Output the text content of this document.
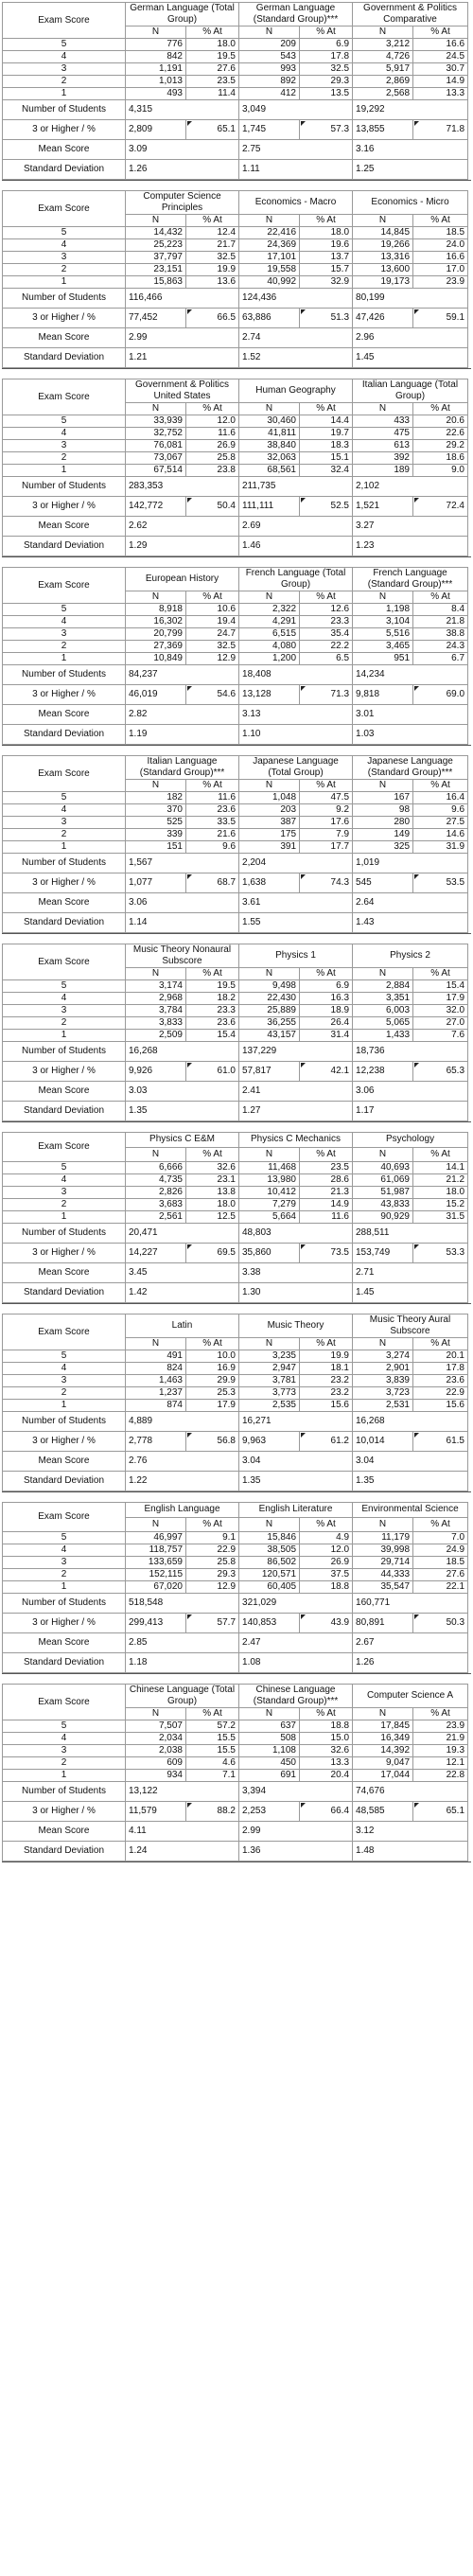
Exam Score	German Language (Total Group)		German Language (Standard Group)***		Government & Politics Comparative	
	N	% At	N	% At	N	% At
5	776	18.0	209	6.9	3,212	16.6
4	842	19.5	543	17.8	4,726	24.5
3	1,191	27.6	993	32.5	5,917	30.7
2	1,013	23.5	892	29.3	2,869	14.9
1	493	11.4	412	13.5	2,568	13.3
Number of Students	4,315		3,049		19,292	
3 or Higher / %	2,809	65.1	1,745	57.3	13,855	71.8
Mean Score	3.09		2.75		3.16	
Standard Deviation	1.26		1.11		1.25	
Exam Score	Computer Science Principles		Economics - Macro		Economics - Micro	
	N	% At	N	% At	N	% At
5	14,432	12.4	22,416	18.0	14,845	18.5
4	25,223	21.7	24,369	19.6	19,266	24.0
3	37,797	32.5	17,101	13.7	13,316	16.6
2	23,151	19.9	19,558	15.7	13,600	17.0
1	15,863	13.6	40,992	32.9	19,173	23.9
Number of Students	116,466		124,436		80,199	
3 or Higher / %	77,452	66.5	63,886	51.3	47,426	59.1
Mean Score	2.99		2.74		2.96	
Standard Deviation	1.21		1.52		1.45	
Exam Score	Government & Politics United States		Human Geography		Italian Language (Total Group)	
	N	% At	N	% At	N	% At
5	33,939	12.0	30,460	14.4	433	20.6
4	32,752	11.6	41,811	19.7	475	22.6
3	76,081	26.9	38,840	18.3	613	29.2
2	73,067	25.8	32,063	15.1	392	18.6
1	67,514	23.8	68,561	32.4	189	9.0
Number of Students	283,353		211,735		2,102	
3 or Higher / %	142,772	50.4	111,111	52.5	1,521	72.4
Mean Score	2.62		2.69		3.27	
Standard Deviation	1.29		1.46		1.23	
Exam Score	European History		French Language (Total Group)		French Language (Standard Group)***	
	N	% At	N	% At	N	% At
5	8,918	10.6	2,322	12.6	1,198	8.4
4	16,302	19.4	4,291	23.3	3,104	21.8
3	20,799	24.7	6,515	35.4	5,516	38.8
2	27,369	32.5	4,080	22.2	3,465	24.3
1	10,849	12.9	1,200	6.5	951	6.7
Number of Students	84,237		18,408		14,234	
3 or Higher / %	46,019	54.6	13,128	71.3	9,818	69.0
Mean Score	2.82		3.13		3.01	
Standard Deviation	1.19		1.10		1.03	
Exam Score	Italian Language (Standard Group)***		Japanese Language (Total Group)		Japanese Language (Standard Group)***	
	N	% At	N	% At	N	% At
5	182	11.6	1,048	47.5	167	16.4
4	370	23.6	203	9.2	98	9.6
3	525	33.5	387	17.6	280	27.5
2	339	21.6	175	7.9	149	14.6
1	151	9.6	391	17.7	325	31.9
Number of Students	1,567		2,204		1,019	
3 or Higher / %	1,077	68.7	1,638	74.3	545	53.5
Mean Score	3.06		3.61		2.64	
Standard Deviation	1.14		1.55		1.43	
Exam Score	Music Theory Nonaural Subscore		Physics 1		Physics 2	
	N	% At	N	% At	N	% At
5	3,174	19.5	9,498	6.9	2,884	15.4
4	2,968	18.2	22,430	16.3	3,351	17.9
3	3,784	23.3	25,889	18.9	6,003	32.0
2	3,833	23.6	36,255	26.4	5,065	27.0
1	2,509	15.4	43,157	31.4	1,433	7.6
Number of Students	16,268		137,229		18,736	
3 or Higher / %	9,926	61.0	57,817	42.1	12,238	65.3
Mean Score	3.03		2.41		3.06	
Standard Deviation	1.35		1.27		1.17	
Exam Score	Physics C E&M		Physics C Mechanics		Psychology	
	N	% At	N	% At	N	% At
5	6,666	32.6	11,468	23.5	40,693	14.1
4	4,735	23.1	13,980	28.6	61,069	21.2
3	2,826	13.8	10,412	21.3	51,987	18.0
2	3,683	18.0	7,279	14.9	43,833	15.2
1	2,561	12.5	5,664	11.6	90,929	31.5
Number of Students	20,471		48,803		288,511	
3 or Higher / %	14,227	69.5	35,860	73.5	153,749	53.3
Mean Score	3.45		3.38		2.71	
Standard Deviation	1.42		1.30		1.45	
Exam Score	Latin		Music Theory		Music Theory Aural Subscore	
	N	% At	N	% At	N	% At
5	491	10.0	3,235	19.9	3,274	20.1
4	824	16.9	2,947	18.1	2,901	17.8
3	1,463	29.9	3,781	23.2	3,839	23.6
2	1,237	25.3	3,773	23.2	3,723	22.9
1	874	17.9	2,535	15.6	2,531	15.6
Number of Students	4,889		16,271		16,268	
3 or Higher / %	2,778	56.8	9,963	61.2	10,014	61.5
Mean Score	2.76		3.04		3.04	
Standard Deviation	1.22		1.35		1.35	
Exam Score	English Language		English Literature		Environmental Science	
	N	% At	N	% At	N	% At
5	46,997	9.1	15,846	4.9	11,179	7.0
4	118,757	22.9	38,505	12.0	39,998	24.9
3	133,659	25.8	86,502	26.9	29,714	18.5
2	152,115	29.3	120,571	37.5	44,333	27.6
1	67,020	12.9	60,405	18.8	35,547	22.1
Number of Students	518,548		321,029		160,771	
3 or Higher / %	299,413	57.7	140,853	43.9	80,891	50.3
Mean Score	2.85		2.47		2.67	
Standard Deviation	1.18		1.08		1.26	
Exam Score	Chinese Language (Total Group)		Chinese Language (Standard Group)***		Computer Science A	
	N	% At	N	% At	N	% At
5	7,507	57.2	637	18.8	17,845	23.9
4	2,034	15.5	508	15.0	16,349	21.9
3	2,038	15.5	1,108	32.6	14,392	19.3
2	609	4.6	450	13.3	9,047	12.1
1	934	7.1	691	20.4	17,044	22.8
Number of Students	13,122		3,394		74,676	
3 or Higher / %	11,579	88.2	2,253	66.4	48,585	65.1
Mean Score	4.11		2.99		3.12	
Standard Deviation	1.24		1.36		1.48	
